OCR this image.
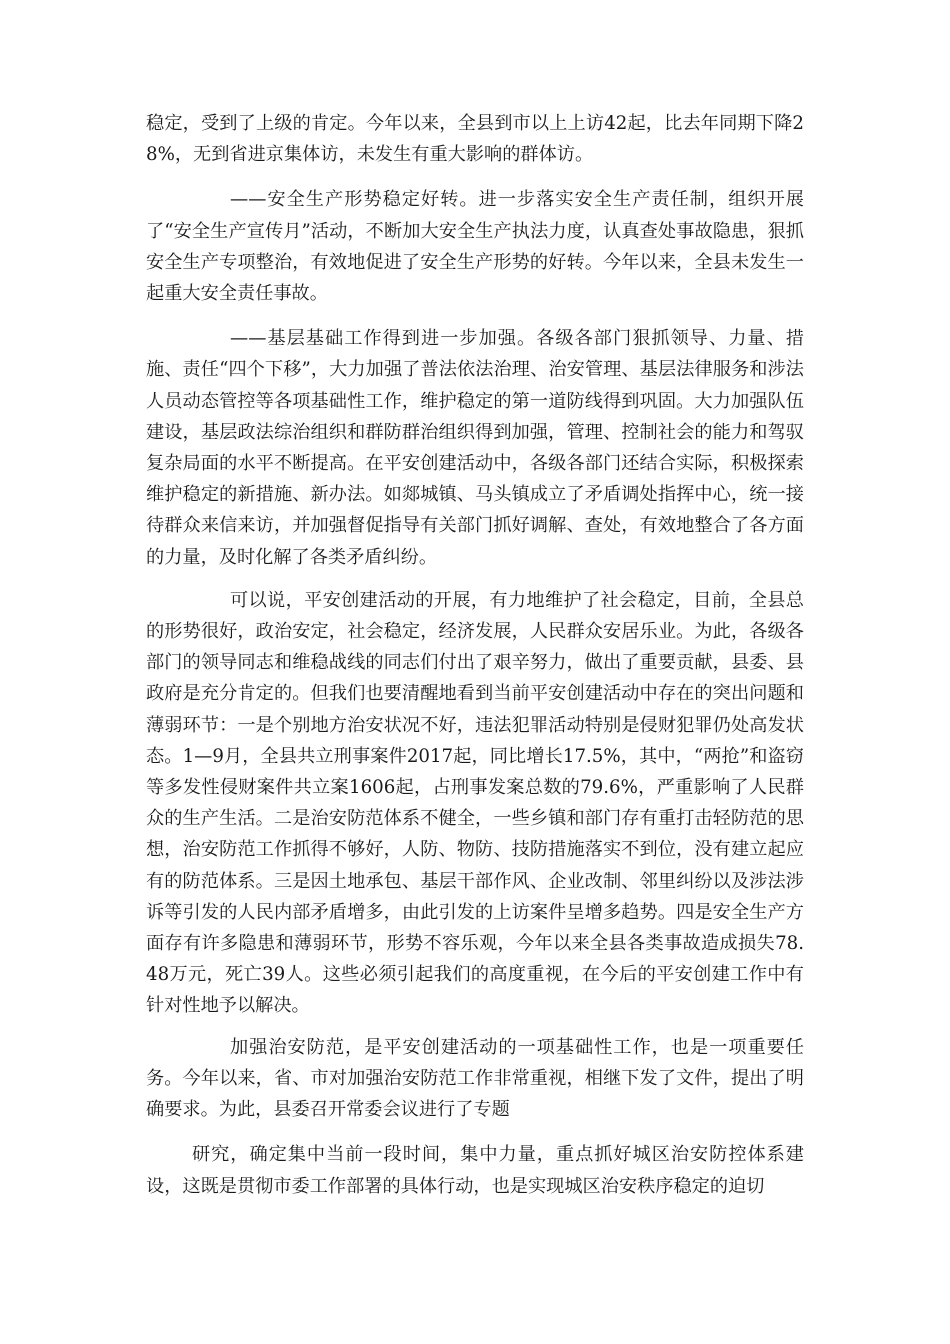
稳定，受到了上级的肯定。今年以来，全县到市以上上访42起，比去年同期下降28%，无到省进京集体访，未发生有重大影响的群体访。

——安全生产形势稳定好转。进一步落实安全生产责任制，组织开展了“安全生产宣传月”活动，不断加大安全生产执法力度，认真查处事故隐患，狠抓安全生产专项整治，有效地促进了安全生产形势的好转。今年以来，全县未发生一起重大安全责任事故。

——基层基础工作得到进一步加强。各级各部门狠抓领导、力量、措施、责任“四个下移”，大力加强了普法依法治理、治安管理、基层法律服务和涉法人员动态管控等各项基础性工作，维护稳定的第一道防线得到巩固。大力加强队伍建设，基层政法综治组织和群防群治组织得到加强，管理、控制社会的能力和驾驭复杂局面的水平不断提高。在平安创建活动中，各级各部门还结合实际，积极探索维护稳定的新措施、新办法。如郯城镇、马头镇成立了矛盾调处指挥中心，统一接待群众来信来访，并加强督促指导有关部门抓好调解、查处，有效地整合了各方面的力量，及时化解了各类矛盾纠纷。

可以说，平安创建活动的开展，有力地维护了社会稳定，目前，全县总的形势很好，政治安定，社会稳定，经济发展，人民群众安居乐业。为此，各级各部门的领导同志和维稳战线的同志们付出了艰辛努力，做出了重要贡献，县委、县政府是充分肯定的。但我们也要清醒地看到当前平安创建活动中存在的突出问题和薄弱环节：一是个别地方治安状况不好，违法犯罪活动特别是侵财犯罪仍处高发状态。1—9月，全县共立刑事案件2017起，同比增长17.5%，其中，“两抢”和盗窃等多发性侵财案件共立案1606起，占刑事发案总数的79.6%，严重影响了人民群众的生产生活。二是治安防范体系不健全，一些乡镇和部门存有重打击轻防范的思想，治安防范工作抓得不够好，人防、物防、技防措施落实不到位，没有建立起应有的防范体系。三是因土地承包、基层干部作风、企业改制、邻里纠纷以及涉法涉诉等引发的人民内部矛盾增多，由此引发的上访案件呈增多趋势。四是安全生产方面存有许多隐患和薄弱环节，形势不容乐观，今年以来全县各类事故造成损失78.48万元，死亡39人。这些必须引起我们的高度重视，在今后的平安创建工作中有针对性地予以解决。

加强治安防范，是平安创建活动的一项基础性工作，也是一项重要任务。今年以来，省、市对加强治安防范工作非常重视，相继下发了文件，提出了明确要求。为此，县委召开常委会议进行了专题

研究，确定集中当前一段时间，集中力量，重点抓好城区治安防控体系建设，这既是贯彻市委工作部署的具体行动，也是实现城区治安秩序稳定的迫切
